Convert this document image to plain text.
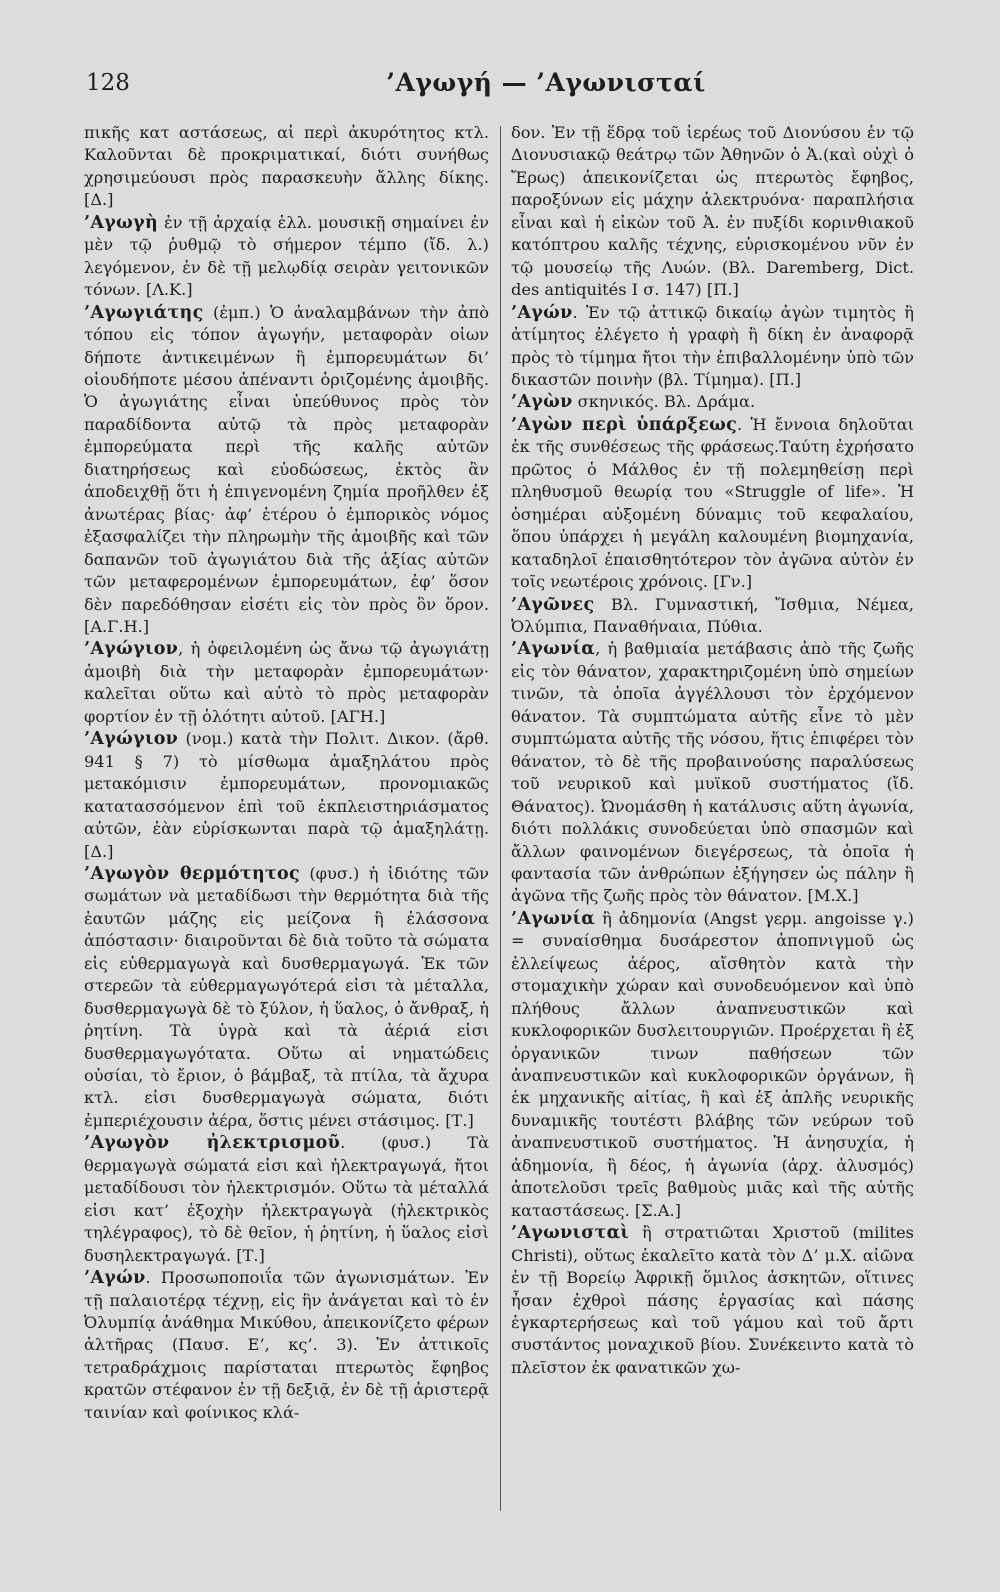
128	’Αγωγή — ’Αγωνισταί

πικῆς κατ αστάσεως, αἱ περὶ ἀκυρότητος κτλ. Καλοῦνται δὲ προκριματικαί, διότι συνήθως χρησιμεύουσι πρὸς παρασκευὴν ἄλλης δίκης. [Δ.]

’Αγωγὴ ἐν τῇ ἀρχαίᾳ ἑλλ. μουσικῇ σημαίνει ἐν μὲν τῷ ῥυθμῷ τὸ σήμερον τέμπο (ἴδ. λ.) λεγόμενον, ἐν δὲ τῇ μελῳδίᾳ σειρὰν γειτονικῶν τόνων. [Λ.Κ.]

’Αγωγιάτης (ἐμπ.) Ὁ ἀναλαμβάνων τὴν ἀπὸ τόπου εἰς τόπον ἀγωγήν, μεταφορὰν οἱων δήποτε ἀντικειμένων ἢ ἐμπορευμάτων δι’ οἱουδήποτε μέσου ἀπέναντι ὁριζομένης ἀμοιβῆς. Ὁ ἀγωγιάτης εἶναι ὑπεύθυνος πρὸς τὸν παραδίδοντα αὐτῷ τὰ πρὸς μεταφορὰν ἐμπορεύματα περὶ τῆς καλῆς αὐτῶν διατηρήσεως καὶ εὐοδώσεως, ἐκτὸς ἂν ἀποδειχθῇ ὅτι ἡ ἐπιγενομένη ζημία προῆλθεν ἐξ ἀνωτέρας βίας· ἀφ’ ἑτέρου ὁ ἐμπορικὸς νόμος ἐξασφαλίζει τὴν πληρωμὴν τῆς ἀμοιβῆς καὶ τῶν δαπανῶν τοῦ ἀγωγιάτου διὰ τῆς ἀξίας αὐτῶν τῶν μεταφερομένων ἐμπορευμάτων, ἐφ’ ὅσον δὲν παρεδόθησαν εἰσέτι εἰς τὸν πρὸς ὃν ὅρον. [Α.Γ.Η.]

’Αγώγιον, ἡ ὀφειλομένη ὡς ἄνω τῷ ἀγωγιάτῃ ἀμοιβὴ διὰ τὴν μεταφορὰν ἐμπορευμάτων· καλεῖται οὕτω καὶ αὐτὸ τὸ πρὸς μεταφορὰν φορτίον ἐν τῇ ὁλότητι αὐτοῦ. [ΑΓΗ.]

’Αγώγιον (νομ.) κατὰ τὴν Πολιτ. Δικον. (ἄρθ. 941 § 7) τὸ μίσθωμα ἁμαξηλάτου πρὸς μετακόμισιν ἐμπορευμάτων, προνομιακῶς κατατασσόμενον ἐπὶ τοῦ ἐκπλειστηριάσματος αὐτῶν, ἐὰν εὑρίσκωνται παρὰ τῷ ἁμαξηλάτῃ. [Δ.]

’Αγωγὸν θερμότητος (φυσ.) ἡ ἰδιότης τῶν σωμάτων νὰ μεταδίδωσι τὴν θερμότητα διὰ τῆς ἑαυτῶν μάζης εἰς μείζονα ἢ ἐλάσσονα ἀπόστασιν· διαιροῦνται δὲ διὰ τοῦτο τὰ σώματα εἰς εὐθερμαγωγὰ καὶ δυσθερμαγωγά. Ἐκ τῶν στερεῶν τὰ εὐθερμαγωγότερά εἰσι τὰ μέταλλα, δυσθερμαγωγὰ δὲ τὸ ξύλον, ἡ ὕαλος, ὁ ἄνθραξ, ἡ ῥητίνη. Τὰ ὑγρὰ καὶ τὰ ἀέριά εἰσι δυσθερμαγωγότατα. Οὕτω αἱ νηματώδεις οὐσίαι, τὸ ἔριον, ὁ βάμβαξ, τὰ πτίλα, τὰ ἄχυρα κτλ. εἰσι δυσθερμαγωγὰ σώματα, διότι ἐμπεριέχουσιν ἀέρα, ὅστις μένει στάσιμος. [Τ.]

’Αγωγὸν ἠλεκτρισμοῦ. (φυσ.) Τὰ θερμαγωγὰ σώματά εἰσι καὶ ἠλεκτραγωγά, ἤτοι μεταδίδουσι τὸν ἠλεκτρισμόν. Οὕτω τὰ μέταλλά εἰσι κατ’ ἐξοχὴν ἠλεκτραγωγὰ (ἠλεκτρικὸς τηλέγραφος), τὸ δὲ θεῖον, ἡ ῥητίνη, ἡ ὕαλος εἰσὶ δυσηλεκτραγωγά. [Τ.]

’Αγών. Προσωποποιΐα τῶν ἀγωνισμάτων. Ἐν τῇ παλαιοτέρᾳ τέχνῃ, εἰς ἣν ἀνάγεται καὶ τὸ ἐν Ὀλυμπίᾳ ἀνάθημα Μικύθου, ἀπεικονίζετο φέρων ἁλτῆρας (Παυσ. Ε’, κς’. 3). Ἐν ἀττικοῖς τετραδράχμοις παρίσταται πτερωτὸς ἔφηβος κρατῶν στέφανον ἐν τῇ δεξιᾷ, ἐν δὲ τῇ ἀριστερᾷ ταινίαν καὶ φοίνικος κλά-

δον. Ἐν τῇ ἕδρᾳ τοῦ ἱερέως τοῦ Διονύσου ἐν τῷ Διονυσιακῷ θεάτρῳ τῶν Ἀθηνῶν ὁ Ἀ.(καὶ οὐχὶ ὁ Ἔρως) ἀπεικονίζεται ὡς πτερωτὸς ἔφηβος, παροξύνων εἰς μάχην ἀλεκτρυόνα· παραπλήσια εἶναι καὶ ἡ εἰκὼν τοῦ Ἀ. ἐν πυξίδι κορινθιακοῦ κατόπτρου καλῆς τέχνης, εὑρισκομένου νῦν ἐν τῷ μουσείῳ τῆς Λυών. (Βλ. Daremberg, Dict. des antiquités I σ. 147) [Π.]

’Αγών. Ἐν τῷ ἀττικῷ δικαίῳ ἀγὼν τιμητὸς ἢ ἀτίμητος ἐλέγετο ἡ γραφὴ ἢ δίκη ἐν ἀναφορᾷ πρὸς τὸ τίμημα ἤτοι τὴν ἐπιβαλλομένην ὑπὸ τῶν δικαστῶν ποινὴν (βλ. Τίμημα). [Π.]

’Αγὼν σκηνικός. Βλ. Δράμα.

’Αγὼν περὶ ὑπάρξεως. Ἡ ἔννοια δηλοῦται ἐκ τῆς συνθέσεως τῆς φράσεως.Ταύτη ἐχρήσατο πρῶτος ὁ Μάλθος ἐν τῇ πολεμηθείσῃ περὶ πληθυσμοῦ θεωρίᾳ του «Struggle of life». Ἡ ὁσημέραι αὐξομένη δύναμις τοῦ κεφαλαίου, ὅπου ὑπάρχει ἡ μεγάλη καλουμένη βιομηχανία, καταδηλοῖ ἐπαισθητότερον τὸν ἀγῶνα αὐτὸν ἐν τοῖς νεωτέροις χρόνοις. [Γν.]

’Αγῶνες Βλ. Γυμναστική, Ἴσθμια, Νέμεα, Ὀλύμπια, Παναθήναια, Πύθια.

’Αγωνία, ἡ βαθμιαία μετάβασις ἀπὸ τῆς ζωῆς εἰς τὸν θάνατον, χαρακτηριζομένη ὑπὸ σημείων τινῶν, τὰ ὁποῖα ἀγγέλλουσι τὸν ἐρχόμενον θάνατον. Τὰ συμπτώματα αὐτῆς εἶνε τὸ μὲν συμπτώματα αὐτῆς τῆς νόσου, ἥτις ἐπιφέρει τὸν θάνατον, τὸ δὲ τῆς προβαινούσης παραλύσεως τοῦ νευρικοῦ καὶ μυϊκοῦ συστήματος (ἴδ. Θάνατος). Ὠνομάσθη ἡ κατάλυσις αὕτη ἀγωνία, διότι πολλάκις συνοδεύεται ὑπὸ σπασμῶν καὶ ἄλλων φαινομένων διεγέρσεως, τὰ ὁποῖα ἡ φαντασία τῶν ἀνθρώπων ἐξήγησεν ὡς πάλην ἢ ἀγῶνα τῆς ζωῆς πρὸς τὸν θάνατον. [Μ.Χ.]

’Αγωνία ἢ ἀδημονία (Angst γερμ. angoisse γ.) = συναίσθημα δυσάρεστον ἀποπνιγμοῦ ὡς ἐλλείψεως ἀέρος, αἴσθητὸν κατὰ τὴν στομαχικὴν χώραν καὶ συνοδευόμενον καὶ ὑπὸ πλήθους ἄλλων ἀναπνευστικῶν καὶ κυκλοφορικῶν δυσλειτουργιῶν. Προέρχεται ἢ ἐξ ὀργανικῶν τινων παθήσεων τῶν ἀναπνευστικῶν καὶ κυκλοφορικῶν ὀργάνων, ἢ ἐκ μηχανικῆς αἰτίας, ἢ καὶ ἐξ ἁπλῆς νευρικῆς δυναμικῆς τουτέστι βλάβης τῶν νεύρων τοῦ ἀναπνευστικοῦ συστήματος. Ἡ ἀνησυχία, ἡ ἀδημονία, ἢ δέος, ἡ ἀγωνία (ἀρχ. ἀλυσμός) ἀποτελοῦσι τρεῖς βαθμοὺς μιᾶς καὶ τῆς αὐτῆς καταστάσεως. [Σ.Α.]

’Αγωνισταὶ ἢ στρατιῶται Χριστοῦ (milites Christi), οὕτως ἐκαλεῖτο κατὰ τὸν Δ’ μ.Χ. αἰῶνα ἐν τῇ Βορείῳ Ἀφρικῇ ὅμιλος ἀσκητῶν, οἵτινες ἦσαν ἐχθροὶ πάσης ἐργασίας καὶ πάσης ἐγκαρτερήσεως καὶ τοῦ γάμου καὶ τοῦ ἄρτι συστάντος μοναχικοῦ βίου. Συνέκειντο κατὰ τὸ πλεῖστον ἐκ φανατικῶν χω-
